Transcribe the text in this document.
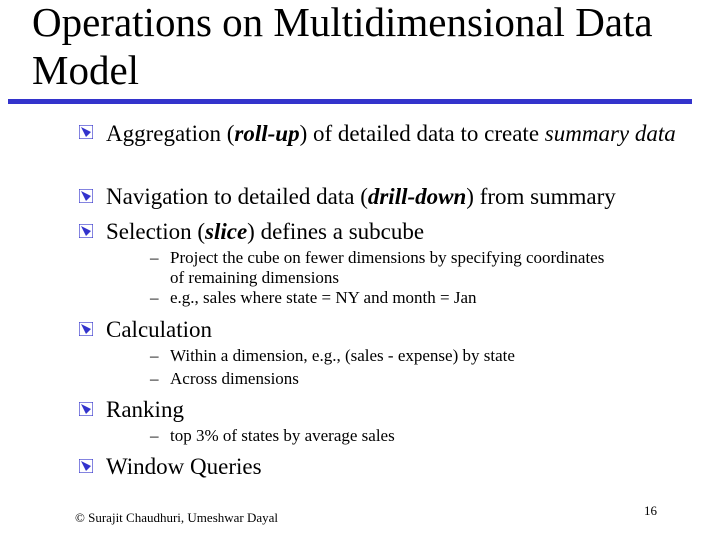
Operations on Multidimensional Data Model
Aggregation (roll-up) of detailed data to create summary data
Navigation to detailed data (drill-down) from summary
Selection (slice) defines a subcube
– Project the cube on fewer dimensions by specifying coordinates of remaining dimensions
– e.g., sales where state = NY and month = Jan
Calculation
– Within a dimension, e.g., (sales - expense) by state
– Across dimensions
Ranking
– top 3% of states by average sales
Window Queries
© Surajit Chaudhuri, Umeshwar Dayal	16
